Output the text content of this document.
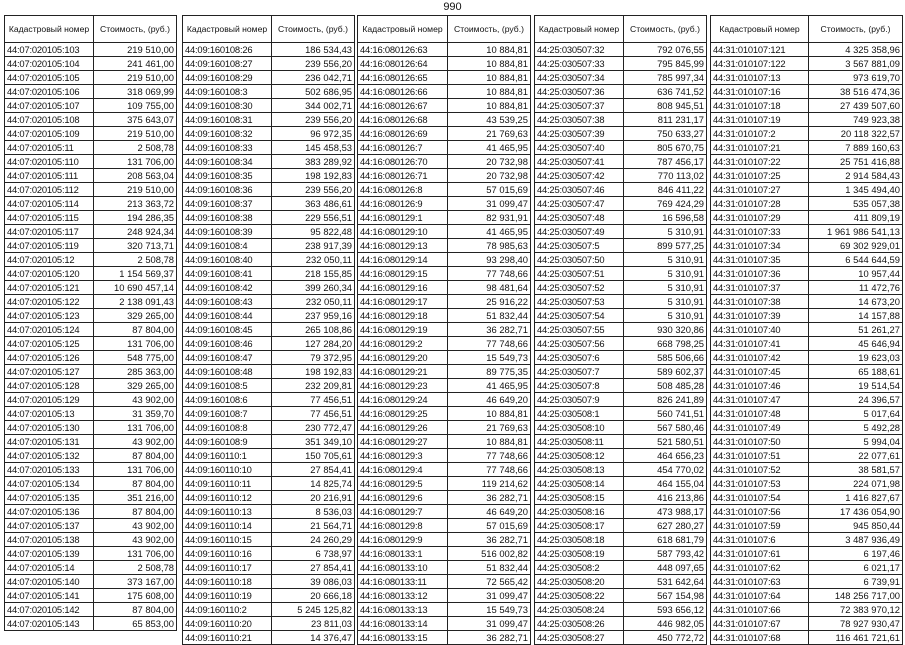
990
Кадастровый номер	Стоимость, (руб.)
44:07:020105:103	219 510,00
44:07:020105:104	241 461,00
44:07:020105:105	219 510,00
44:07:020105:106	318 069,99
44:07:020105:107	109 755,00
44:07:020105:108	375 643,07
44:07:020105:109	219 510,00
44:07:020105:11	2 508,78
44:07:020105:110	131 706,00
44:07:020105:111	208 563,04
44:07:020105:112	219 510,00
44:07:020105:114	213 363,72
44:07:020105:115	194 286,35
44:07:020105:117	248 924,34
44:07:020105:119	320 713,71
44:07:020105:12	2 508,78
44:07:020105:120	1 154 569,37
44:07:020105:121	10 690 457,14
44:07:020105:122	2 138 091,43
44:07:020105:123	329 265,00
44:07:020105:124	87 804,00
44:07:020105:125	131 706,00
44:07:020105:126	548 775,00
44:07:020105:127	285 363,00
44:07:020105:128	329 265,00
44:07:020105:129	43 902,00
44:07:020105:13	31 359,70
44:07:020105:130	131 706,00
44:07:020105:131	43 902,00
44:07:020105:132	87 804,00
44:07:020105:133	131 706,00
44:07:020105:134	87 804,00
44:07:020105:135	351 216,00
44:07:020105:136	87 804,00
44:07:020105:137	43 902,00
44:07:020105:138	43 902,00
44:07:020105:139	131 706,00
44:07:020105:14	2 508,78
44:07:020105:140	373 167,00
44:07:020105:141	175 608,00
44:07:020105:142	87 804,00
44:07:020105:143	65 853,00
Кадастровый номер	Стоимость, (руб.)
44:09:160108:26	186 534,43
44:09:160108:27	239 556,20
44:09:160108:29	236 042,71
44:09:160108:3	502 686,95
44:09:160108:30	344 002,71
44:09:160108:31	239 556,20
44:09:160108:32	96 972,35
44:09:160108:33	145 458,53
44:09:160108:34	383 289,92
44:09:160108:35	198 192,83
44:09:160108:36	239 556,20
44:09:160108:37	363 486,61
44:09:160108:38	229 556,51
44:09:160108:39	95 822,48
44:09:160108:4	238 917,39
44:09:160108:40	232 050,11
44:09:160108:41	218 155,85
44:09:160108:42	399 260,34
44:09:160108:43	232 050,11
44:09:160108:44	237 959,16
44:09:160108:45	265 108,86
44:09:160108:46	127 284,20
44:09:160108:47	79 372,95
44:09:160108:48	198 192,83
44:09:160108:5	232 209,81
44:09:160108:6	77 456,51
44:09:160108:7	77 456,51
44:09:160108:8	230 772,47
44:09:160108:9	351 349,10
44:09:160110:1	150 705,61
44:09:160110:10	27 854,41
44:09:160110:11	14 825,74
44:09:160110:12	20 216,91
44:09:160110:13	8 536,03
44:09:160110:14	21 564,71
44:09:160110:15	24 260,29
44:09:160110:16	6 738,97
44:09:160110:17	27 854,41
44:09:160110:18	39 086,03
44:09:160110:19	20 666,18
44:09:160110:2	5 245 125,82
44:09:160110:20	23 811,03
44:09:160110:21	14 376,47
Кадастровый номер	Стоимость, (руб.)
44:16:080126:63	10 884,81
44:16:080126:64	10 884,81
44:16:080126:65	10 884,81
44:16:080126:66	10 884,81
44:16:080126:67	10 884,81
44:16:080126:68	43 539,25
44:16:080126:69	21 769,63
44:16:080126:7	41 465,95
44:16:080126:70	20 732,98
44:16:080126:71	20 732,98
44:16:080126:8	57 015,69
44:16:080126:9	31 099,47
44:16:080129:1	82 931,91
44:16:080129:10	41 465,95
44:16:080129:13	78 985,63
44:16:080129:14	93 298,40
44:16:080129:15	77 748,66
44:16:080129:16	98 481,64
44:16:080129:17	25 916,22
44:16:080129:18	51 832,44
44:16:080129:19	36 282,71
44:16:080129:2	77 748,66
44:16:080129:20	15 549,73
44:16:080129:21	89 775,35
44:16:080129:23	41 465,95
44:16:080129:24	46 649,20
44:16:080129:25	10 884,81
44:16:080129:26	21 769,63
44:16:080129:27	10 884,81
44:16:080129:3	77 748,66
44:16:080129:4	77 748,66
44:16:080129:5	119 214,62
44:16:080129:6	36 282,71
44:16:080129:7	46 649,20
44:16:080129:8	57 015,69
44:16:080129:9	36 282,71
44:16:080133:1	516 002,82
44:16:080133:10	51 832,44
44:16:080133:11	72 565,42
44:16:080133:12	31 099,47
44:16:080133:13	15 549,73
44:16:080133:14	31 099,47
44:16:080133:15	36 282,71
Кадастровый номер	Стоимость, (руб.)
44:25:030507:32	792 076,55
44:25:030507:33	795 845,99
44:25:030507:34	785 997,34
44:25:030507:36	636 741,52
44:25:030507:37	808 945,51
44:25:030507:38	811 231,17
44:25:030507:39	750 633,27
44:25:030507:40	805 670,75
44:25:030507:41	787 456,17
44:25:030507:42	770 113,02
44:25:030507:46	846 411,22
44:25:030507:47	769 424,29
44:25:030507:48	16 596,58
44:25:030507:49	5 310,91
44:25:030507:5	899 577,25
44:25:030507:50	5 310,91
44:25:030507:51	5 310,91
44:25:030507:52	5 310,91
44:25:030507:53	5 310,91
44:25:030507:54	5 310,91
44:25:030507:55	930 320,86
44:25:030507:56	668 798,25
44:25:030507:6	585 506,66
44:25:030507:7	589 602,37
44:25:030507:8	508 485,28
44:25:030507:9	826 241,89
44:25:030508:1	560 741,51
44:25:030508:10	567 580,46
44:25:030508:11	521 580,51
44:25:030508:12	464 656,23
44:25:030508:13	454 770,02
44:25:030508:14	464 155,04
44:25:030508:15	416 213,86
44:25:030508:16	473 988,17
44:25:030508:17	627 280,27
44:25:030508:18	618 681,79
44:25:030508:19	587 793,42
44:25:030508:2	448 097,65
44:25:030508:20	531 642,64
44:25:030508:22	567 154,98
44:25:030508:24	593 656,12
44:25:030508:26	446 982,05
44:25:030508:27	450 772,72
Кадастровый номер	Стоимость, (руб.)
44:31:010107:121	4 325 358,96
44:31:010107:122	3 567 881,09
44:31:010107:13	973 619,70
44:31:010107:16	38 516 474,36
44:31:010107:18	27 439 507,60
44:31:010107:19	749 923,38
44:31:010107:2	20 118 322,57
44:31:010107:21	7 889 160,63
44:31:010107:22	25 751 416,88
44:31:010107:25	2 914 584,43
44:31:010107:27	1 345 494,40
44:31:010107:28	535 057,38
44:31:010107:29	411 809,19
44:31:010107:33	1 961 986 541,13
44:31:010107:34	69 302 929,01
44:31:010107:35	6 544 644,59
44:31:010107:36	10 957,44
44:31:010107:37	11 472,76
44:31:010107:38	14 673,20
44:31:010107:39	14 157,88
44:31:010107:40	51 261,27
44:31:010107:41	45 646,94
44:31:010107:42	19 623,03
44:31:010107:45	65 188,61
44:31:010107:46	19 514,54
44:31:010107:47	24 396,57
44:31:010107:48	5 017,64
44:31:010107:49	5 492,28
44:31:010107:50	5 994,04
44:31:010107:51	22 077,61
44:31:010107:52	38 581,57
44:31:010107:53	224 071,98
44:31:010107:54	1 416 827,67
44:31:010107:56	17 436 054,90
44:31:010107:59	945 850,44
44:31:010107:6	3 487 936,49
44:31:010107:61	6 197,46
44:31:010107:62	6 021,17
44:31:010107:63	6 739,91
44:31:010107:64	148 256 717,00
44:31:010107:66	72 383 970,12
44:31:010107:67	78 927 930,47
44:31:010107:68	116 461 721,61
